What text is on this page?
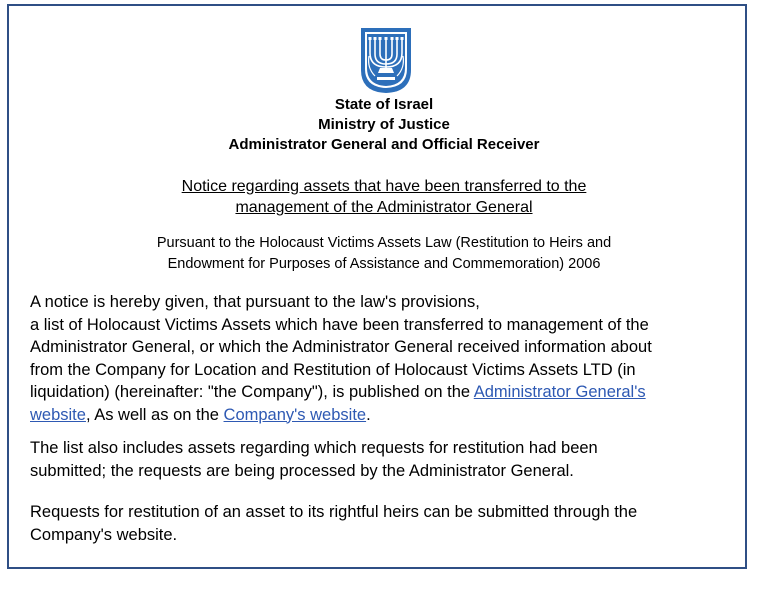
State of Israel
Ministry of Justice
Administrator General and Official Receiver
Notice regarding assets that have been transferred to the
management of the Administrator General
Pursuant to the Holocaust Victims Assets Law (Restitution to Heirs and
Endowment for Purposes of Assistance and Commemoration) 2006
A notice is hereby given, that pursuant to the law's provisions,
a list of Holocaust Victims Assets which have been transferred to management of the
Administrator General, or which the Administrator General received information about
from the Company for Location and Restitution of Holocaust Victims Assets LTD (in
liquidation) (hereinafter: "the Company"), is published on the Administrator General's
website, As well as on the Company's website.
The list also includes assets regarding which requests for restitution had been
submitted; the requests are being processed by the Administrator General.
Requests for restitution of an asset to its rightful heirs can be submitted through the
Company's website.
